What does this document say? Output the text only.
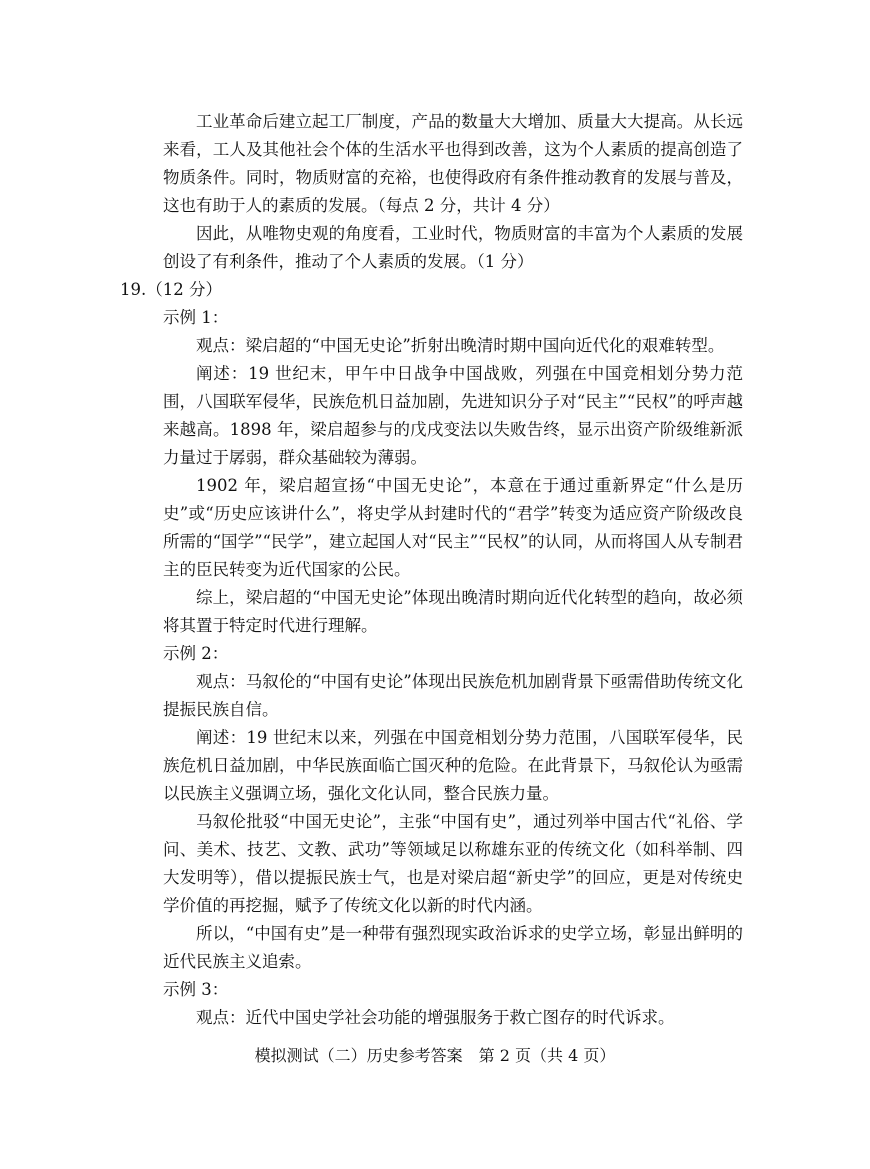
工业革命后建立起工厂制度，产品的数量大大增加、质量大大提高。从长远来看，工人及其他社会个体的生活水平也得到改善，这为个人素质的提高创造了物质条件。同时，物质财富的充裕，也使得政府有条件推动教育的发展与普及，这也有助于人的素质的发展。（每点 2 分，共计 4 分）

因此，从唯物史观的角度看，工业时代，物质财富的丰富为个人素质的发展创设了有利条件，推动了个人素质的发展。（1 分）

19.（12 分）

示例 1：

观点：梁启超的“中国无史论”折射出晚清时期中国向近代化的艰难转型。

阐述：19 世纪末，甲午中日战争中国战败，列强在中国竞相划分势力范围，八国联军侵华，民族危机日益加剧，先进知识分子对“民主”“民权”的呼声越来越高。1898 年，梁启超参与的戊戌变法以失败告终，显示出资产阶级维新派力量过于孱弱，群众基础较为薄弱。

1902 年，梁启超宣扬“中国无史论”，本意在于通过重新界定“什么是历史”或“历史应该讲什么”，将史学从封建时代的“君学”转变为适应资产阶级改良所需的“国学”“民学”，建立起国人对“民主”“民权”的认同，从而将国人从专制君主的臣民转变为近代国家的公民。

综上，梁启超的“中国无史论”体现出晚清时期向近代化转型的趋向，故必须将其置于特定时代进行理解。

示例 2：

观点：马叙伦的“中国有史论”体现出民族危机加剧背景下亟需借助传统文化提振民族自信。

阐述：19 世纪末以来，列强在中国竞相划分势力范围，八国联军侵华，民族危机日益加剧，中华民族面临亡国灭种的危险。在此背景下，马叙伦认为亟需以民族主义强调立场，强化文化认同，整合民族力量。

马叙伦批驳“中国无史论”，主张“中国有史”，通过列举中国古代“礼俗、学问、美术、技艺、文教、武功”等领域足以称雄东亚的传统文化（如科举制、四大发明等），借以提振民族士气，也是对梁启超“新史学”的回应，更是对传统史学价值的再挖掘，赋予了传统文化以新的时代内涵。

所以，“中国有史”是一种带有强烈现实政治诉求的史学立场，彰显出鲜明的近代民族主义追索。

示例 3：

观点：近代中国史学社会功能的增强服务于救亡图存的时代诉求。

模拟测试（二）历史参考答案　第 2 页（共 4 页）
